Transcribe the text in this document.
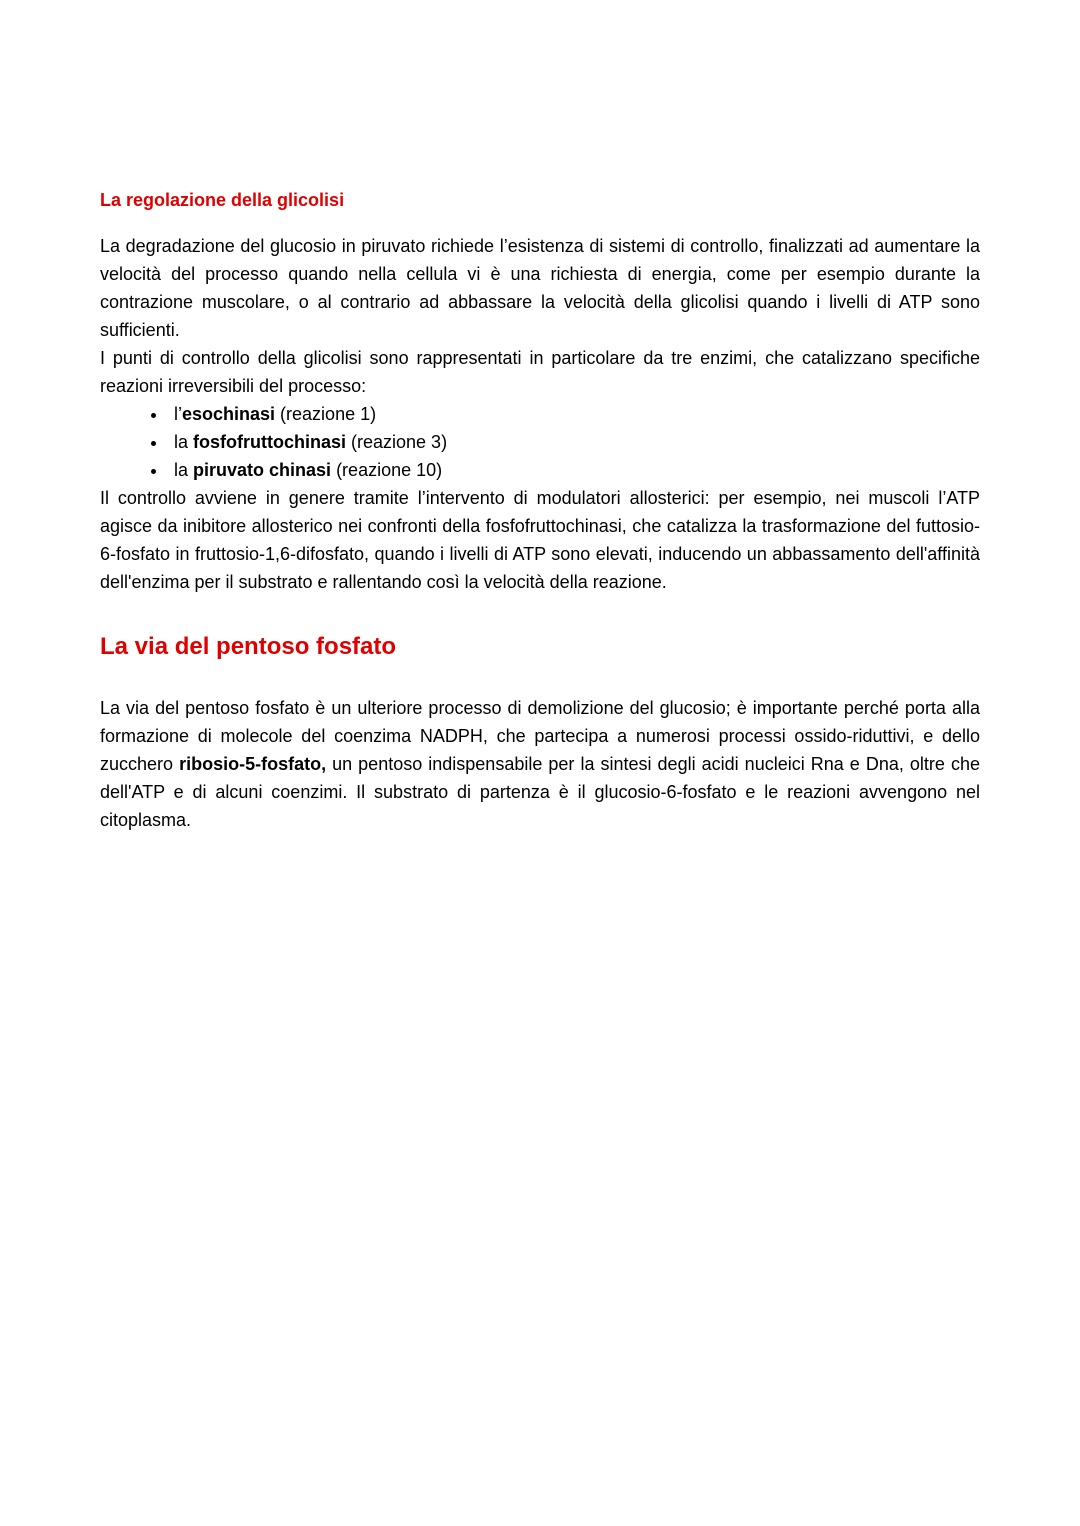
La regolazione della glicolisi

La degradazione del glucosio in piruvato richiede l’esistenza di sistemi di controllo, finalizzati ad aumentare la velocità del processo quando nella cellula vi è una richiesta di energia, come per esempio durante la contrazione muscolare, o al contrario ad abbassare la velocità della glicolisi quando i livelli di ATP sono sufficienti.

I punti di controllo della glicolisi sono rappresentati in particolare da tre enzimi, che catalizzano specifiche reazioni irreversibili del processo:

• l’esochinasi (reazione 1)
• la fosfofruttochinasi (reazione 3)
• la piruvato chinasi (reazione 10)

Il controllo avviene in genere tramite l’intervento di modulatori allosterici: per esempio, nei muscoli l’ATP agisce da inibitore allosterico nei confronti della fosfofruttochinasi, che catalizza la trasformazione del futtosio-6-fosfato in fruttosio-1,6-difosfato, quando i livelli di ATP sono elevati, inducendo un abbassamento dell'affinità dell'enzima per il substrato e rallentando così la velocità della reazione.

La via del pentoso fosfato

La via del pentoso fosfato è un ulteriore processo di demolizione del glucosio; è importante perché porta alla formazione di molecole del coenzima NADPH, che partecipa a numerosi processi ossido-riduttivi, e dello zucchero ribosio-5-fosfato, un pentoso indispensabile per la sintesi degli acidi nucleici Rna e Dna, oltre che dell'ATP e di alcuni coenzimi. Il substrato di partenza è il glucosio-6-fosfato e le reazioni avvengono nel citoplasma.
